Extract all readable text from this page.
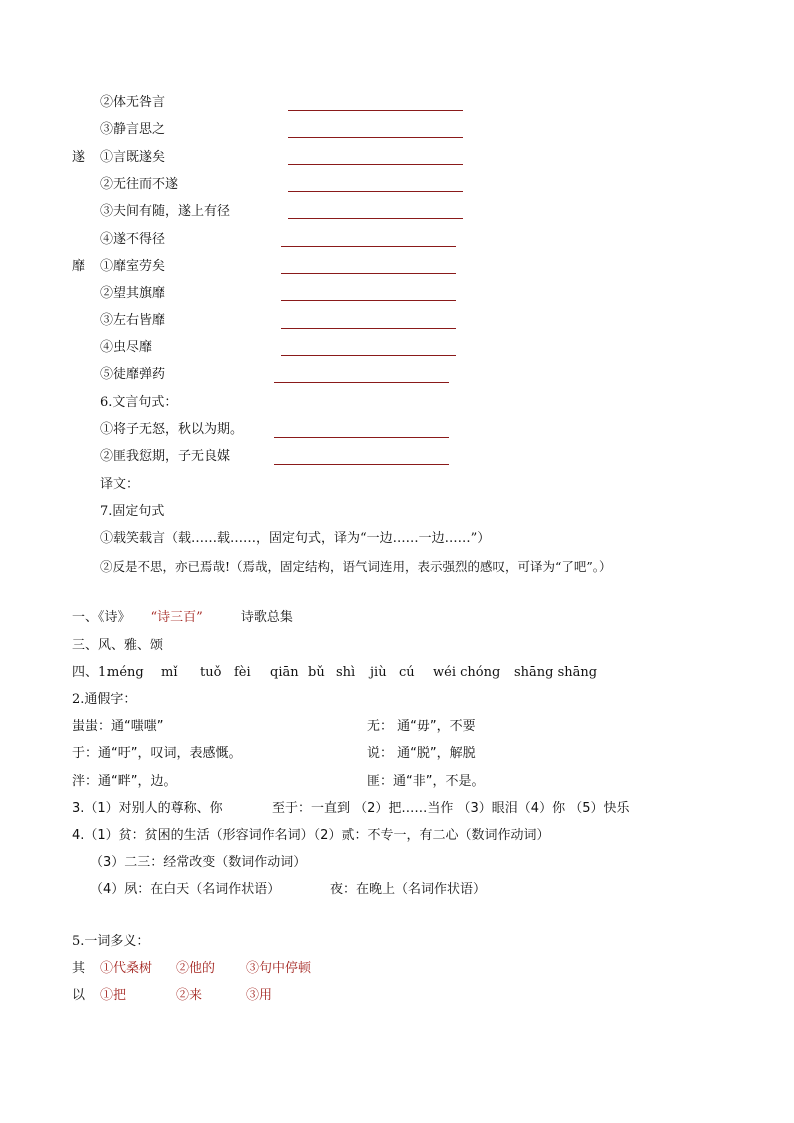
②体无咎言
③静言思之
遂 ①言既遂矣
②无往而不遂
③夫间有随，遂上有径
④遂不得径
靡 ①靡室劳矣
②望其旗靡
③左右皆靡
④虫尽靡
⑤徒靡弹药
6.文言句式：
①将子无怒，秋以为期。
②匪我愆期，子无良媒
译文：
7.固定句式
①载笑载言（载……载……，固定句式，译为“一边……一边……”）
②反是不思，亦已焉哉!（焉哉，固定结构，语气词连用，表示强烈的感叹，可译为“了吧”。）
一、《诗》 “诗三百”	诗歌总集
三、风、雅、颂
四、1.
méng mǐ tuǒ fèi qiān bǔ shì jiù cú wéi chóng shāng shāng
2.通假字：
蚩蚩：通“嗤嗤”	无： 通“毋”，不要
于：通“吁”，叹词，表感慨。	说： 通“脱”，解脱
泮：通“畔”，边。	匪：通“非”，不是。
3.（1）对别人的尊称、你	至于：一直到 （2）把……当作 （3）眼泪（4）你 （5）快乐
4.（1）贫：贫困的生活（形容词作名词）（2）贰：不专一，有二心（数词作动词）
（3）二三：经常改变（数词作动词）
（4）夙：在白天（名词作状语）	夜：在晚上（名词作状语）
5.一词多义：
其 ①代桑树 ②他的 ③句中停顿
以 ①把	②来	③用
